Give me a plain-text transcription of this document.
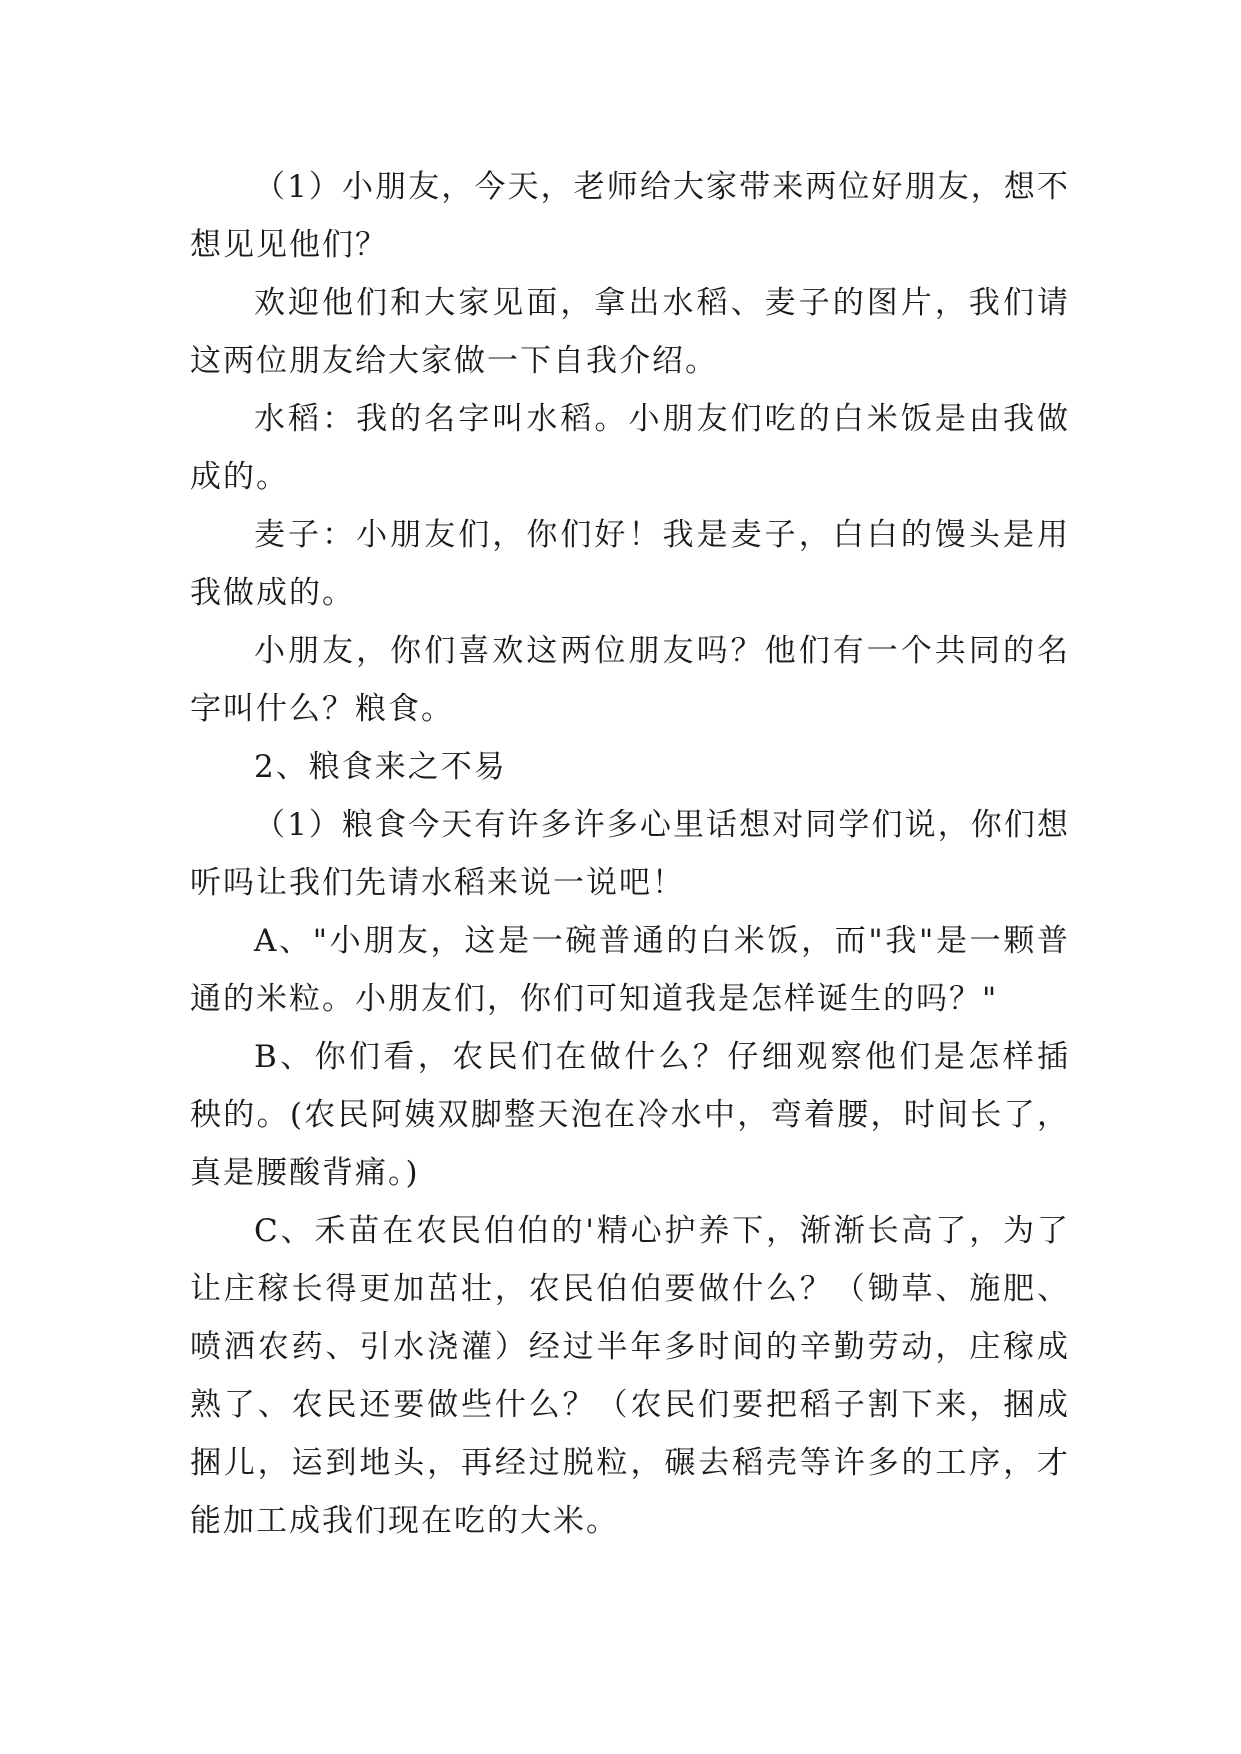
（1）小朋友，今天，老师给大家带来两位好朋友，想不想见见他们？

欢迎他们和大家见面，拿出水稻、麦子的图片，我们请这两位朋友给大家做一下自我介绍。

水稻：我的名字叫水稻。小朋友们吃的白米饭是由我做成的。

麦子：小朋友们，你们好！我是麦子，白白的馒头是用我做成的。

小朋友，你们喜欢这两位朋友吗？他们有一个共同的名字叫什么？粮食。

2、粮食来之不易

（1）粮食今天有许多许多心里话想对同学们说，你们想听吗让我们先请水稻来说一说吧！

A、"小朋友，这是一碗普通的白米饭，而"我"是一颗普通的米粒。小朋友们，你们可知道我是怎样诞生的吗？"

B、你们看，农民们在做什么？仔细观察他们是怎样插秧的。(农民阿姨双脚整天泡在冷水中，弯着腰，时间长了，真是腰酸背痛。)

C、禾苗在农民伯伯的'精心护养下，渐渐长高了，为了让庄稼长得更加茁壮，农民伯伯要做什么？（锄草、施肥、喷洒农药、引水浇灌）经过半年多时间的辛勤劳动，庄稼成熟了、农民还要做些什么？（农民们要把稻子割下来，捆成捆儿，运到地头，再经过脱粒，碾去稻壳等许多的工序，才能加工成我们现在吃的大米。
